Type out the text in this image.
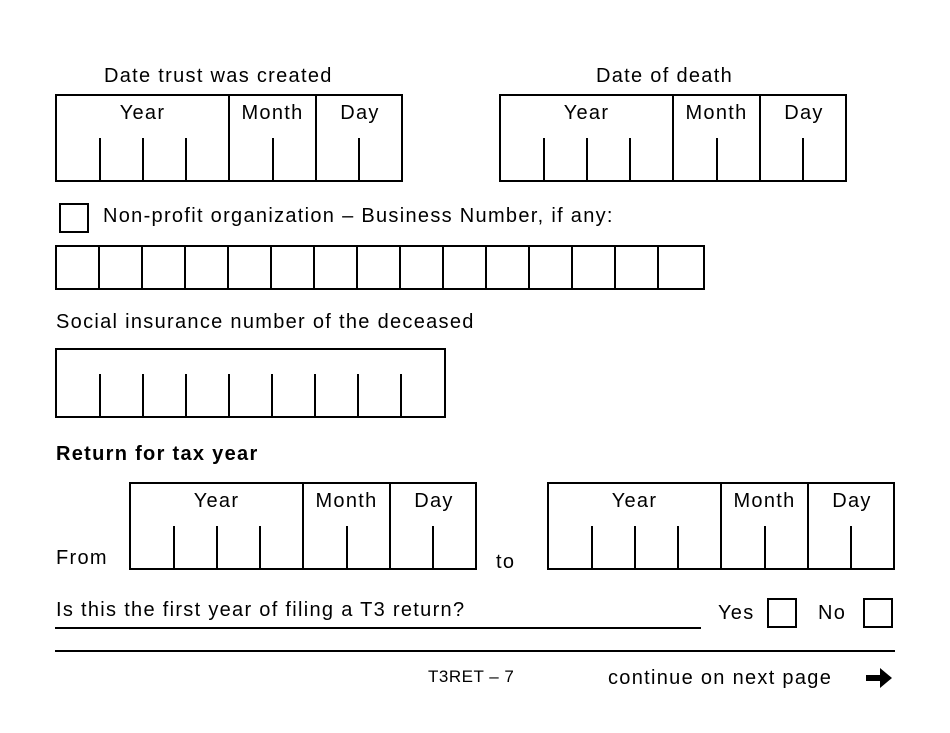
Date trust was created
Year	Month	Day
Date of death
Year	Month	Day
Non-profit organization – Business Number, if any:
Social insurance number of the deceased
Return for tax year
From
Year	Month	Day
to
Year	Month	Day
Is this the first year of filing a T3 return?	Yes	No
T3RET – 7	continue on next page
